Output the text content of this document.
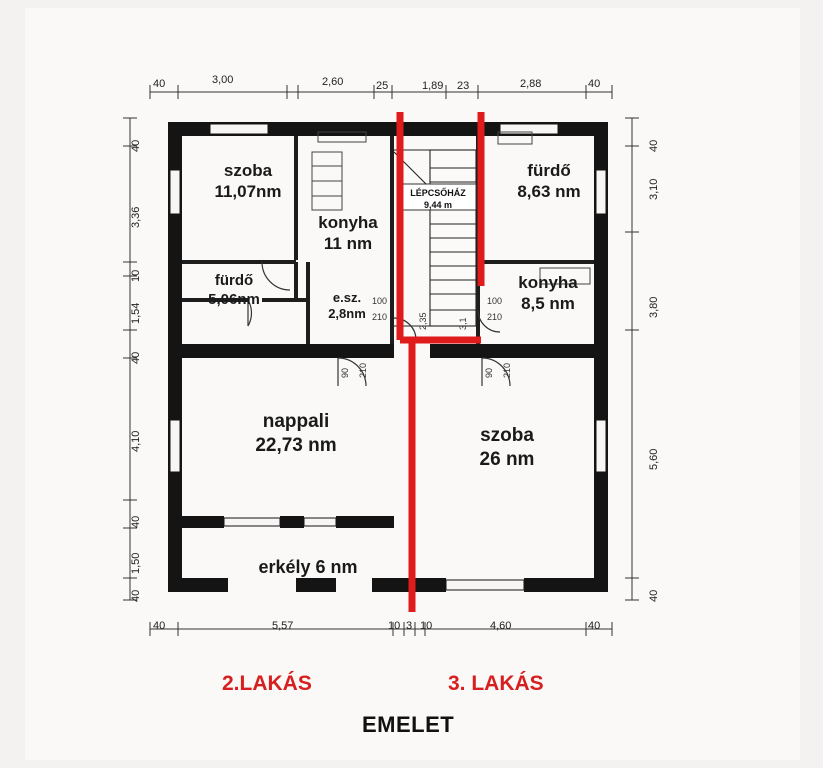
szoba
11,07nm
fürdő
8,63 nm
konyha
11 nm
konyha
8,5 nm
fürdő
5,06nm	e.sz.
2,8nm
LÉPCSŐHÁZ
9,44 m
nappali
22,73 nm	szoba
26 nm
erkély 6 nm
100
210	2,35	3,1
100
210
90 210	90 210
40	3,00	2,60	25	1,89 23	2,88	40
40	5,57	10 3 10	4,60	40
40
3,36
10
1,54
40
4,10
40
1,50
40
40
3,10
3,80
5,60
40
2.LAKÁS	3. LAKÁS
EMELET
